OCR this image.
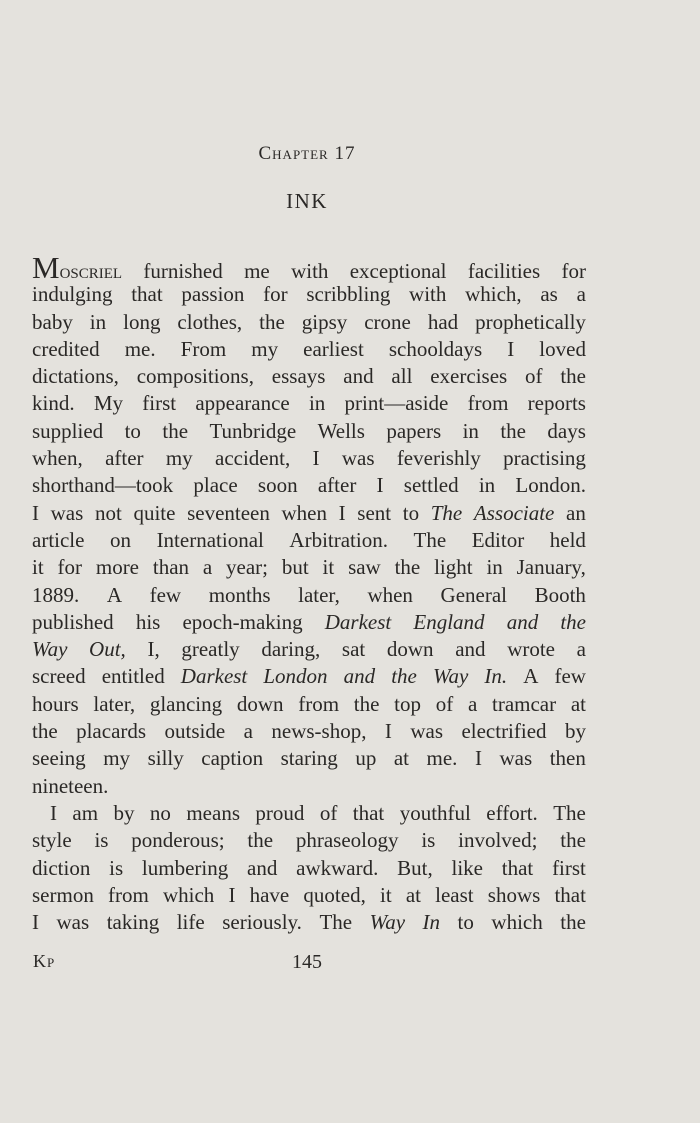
Chapter 17
INK
Moscrıel furnished me with exceptional facilities for
indulging that passion for scribbling with which, as a
baby in long clothes, the gipsy crone had prophetically
credited me. From my earliest schooldays I loved
dictations, compositions, essays and all exercises of the
kind. My first appearance in print—aside from reports
supplied to the Tunbridge Wells papers in the days
when, after my accident, I was feverishly practising
shorthand—took place soon after I settled in London.
I was not quite seventeen when I sent to The Associate an
article on International Arbitration. The Editor held
it for more than a year; but it saw the light in January,
1889. A few months later, when General Booth
published his epoch-making Darkest England and the
Way Out, I, greatly daring, sat down and wrote a
screed entitled Darkest London and the Way In. A few
hours later, glancing down from the top of a tramcar at
the placards outside a news-shop, I was electrified by
seeing my silly caption staring up at me. I was then
nineteen.
I am by no means proud of that youthful effort. The
style is ponderous; the phraseology is involved; the
diction is lumbering and awkward. But, like that first
sermon from which I have quoted, it at least shows that
I was taking life seriously. The Way In to which the
Kp	145
